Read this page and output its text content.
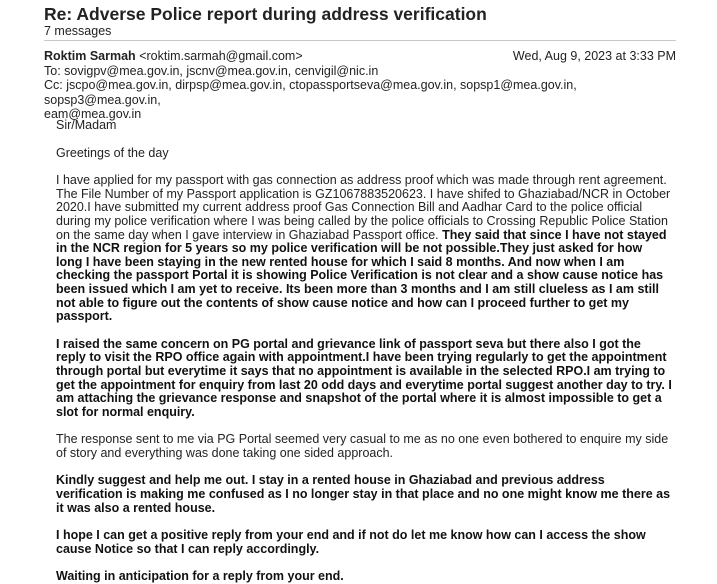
Re: Adverse Police report during address verification
7 messages
Roktim Sarmah <roktim.sarmah@gmail.com>	Wed, Aug 9, 2023 at 3:33 PM
To: sovigpv@mea.gov.in, jscnv@mea.gov.in, cenvigil@nic.in
Cc: jscpo@mea.gov.in, dirpsp@mea.gov.in, ctopassportseva@mea.gov.in, sopsp1@mea.gov.in, sopsp3@mea.gov.in,
eam@mea.gov.in

Sir/Madam

Greetings of the day

I have applied for my passport with gas connection as address proof which was made through rent agreement. The File Number of my Passport application is GZ1067883520623. I have shifed to Ghaziabad/NCR in October 2020.I have submitted my current address proof Gas Connection Bill and Aadhar Card to the police official during my police verification where I was being called by the police officials to Crossing Republic Police Station on the same day when I gave interview in Ghaziabad Passport office. They said that since I have not stayed in the NCR region for 5 years so my police verification will be not possible.They just asked for how long I have been staying in the new rented house for which I said 8 months. And now when I am checking the passport Portal it is showing Police Verification is not clear and a show cause notice has been issued which I am yet to receive. Its been more than 3 months and I am still clueless as I am still not able to figure out the contents of show cause notice and how can I proceed further to get my passport.

I raised the same concern on PG portal and grievance link of passport seva but there also I got the reply to visit the RPO office again with appointment.I have been trying regularly to get the appointment through portal but everytime it says that no appointment is available in the selected RPO.I am trying to get the appointment for enquiry from last 20 odd days and everytime portal suggest another day to try. I am attaching the grievance response and snapshot of the portal where it is almost impossible to get a slot for normal enquiry.

The response sent to me via PG Portal seemed very casual to me as no one even bothered to enquire my side of story and everything was done taking one sided approach.

Kindly suggest and help me out. I stay in a rented house in Ghaziabad and previous address verification is making me confused as I no longer stay in that place and no one might know me there as it was also a rented house.

I hope I can get a positive reply from your end and if not do let me know how can I access the show cause Notice so that I can reply accordingly.

Waiting in anticipation for a reply from your end.
